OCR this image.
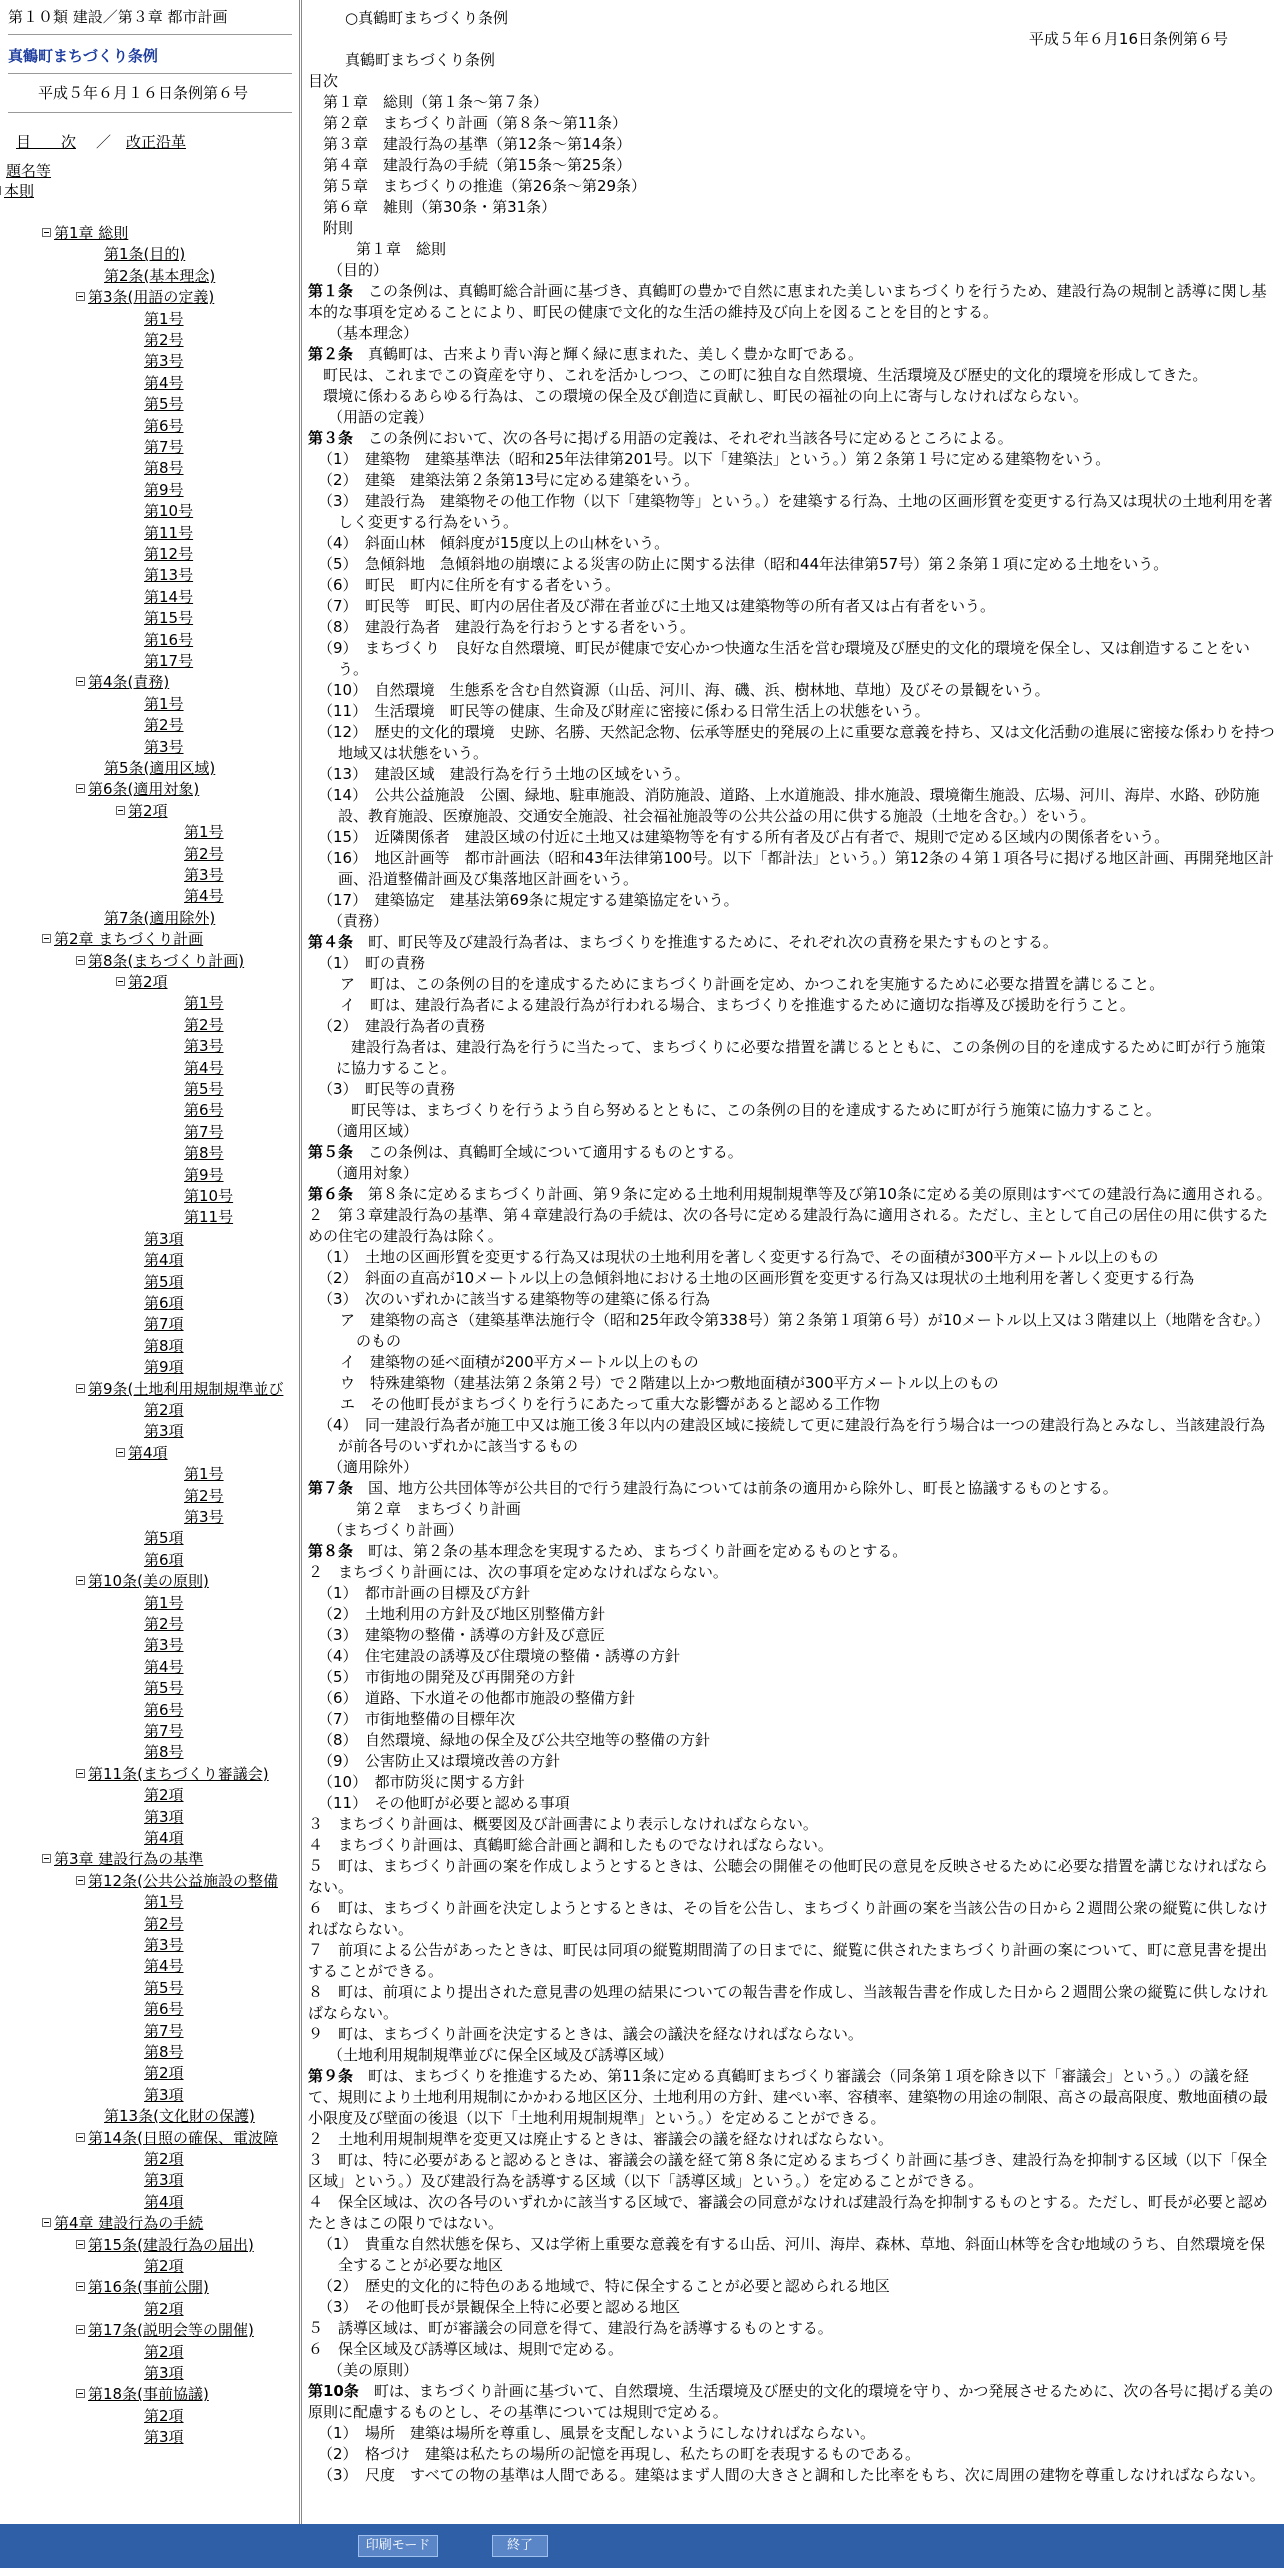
第１０類 建設／第３章 都市計画
真鶴町まちづくり条例
平成５年６月１６日条例第６号
目　　次	／ 改正沿革
題名等
本則
第1章 総則
第1条(目的)
第2条(基本理念)
第3条(用語の定義)
第1号
第2号
第3号
第4号
第5号
第6号
第7号
第8号
第9号
第10号
第11号
第12号
第13号
第14号
第15号
第16号
第17号
第4条(責務)
第1号
第2号
第3号
第5条(適用区域)
第6条(適用対象)
第2項
第1号
第2号
第3号
第4号
第7条(適用除外)
第2章 まちづくり計画
第8条(まちづくり計画)
第2項
第1号
第2号
第3号
第4号
第5号
第6号
第7号
第8号
第9号
第10号
第11号
第3項
第4項
第5項
第6項
第7項
第8項
第9項
第9条(土地利用規制規準並び
第2項
第3項
第4項
第1号
第2号
第3号
第5項
第6項
第10条(美の原則)
第1号
第2号
第3号
第4号
第5号
第6号
第7号
第8号
第11条(まちづくり審議会)
第2項
第3項
第4項
第3章 建設行為の基準
第12条(公共公益施設の整備
第1号
第2号
第3号
第4号
第5号
第6号
第7号
第8号
第2項
第3項
第13条(文化財の保護)
第14条(日照の確保、電波障
第2項
第3項
第4項
第4章 建設行為の手続
第15条(建設行為の届出)
第2項
第16条(事前公開)
第2項
第17条(説明会等の開催)
第2項
第3項
第18条(事前協議)
第2項
第3項
　○真鶴町まちづくり条例
平成５年６月16日条例第６号
　真鶴町まちづくり条例
目次
　第１章　総則（第１条～第７条）
　第２章　まちづくり計画（第８条～第11条）
　第３章　建設行為の基準（第12条～第14条）
　第４章　建設行為の手続（第15条～第25条）
　第５章　まちづくりの推進（第26条～第29条）
　第６章　雑則（第30条・第31条）
　附則
第１章　総則
（目的）
第１条　この条例は、真鶴町総合計画に基づき、真鶴町の豊かで自然に恵まれた美しいまちづくりを行うため、建設行為の規制と誘導に関し基本的な事項を定めることにより、町民の健康で文化的な生活の維持及び向上を図ることを目的とする。
（基本理念）
第２条　真鶴町は、古来より青い海と輝く緑に恵まれた、美しく豊かな町である。
　町民は、これまでこの資産を守り、これを活かしつつ、この町に独自な自然環境、生活環境及び歴史的文化的環境を形成してきた。
　環境に係わるあらゆる行為は、この環境の保全及び創造に貢献し、町民の福祉の向上に寄与しなければならない。
（用語の定義）
第３条　この条例において、次の各号に掲げる用語の定義は、それぞれ当該各号に定めるところによる。
（1）　建築物　建築基準法（昭和25年法律第201号。以下「建築法」という。）第２条第１号に定める建築物をいう。
（2）　建築　建築法第２条第13号に定める建築をいう。
（3）　建設行為　建築物その他工作物（以下「建築物等」という。）を建築する行為、土地の区画形質を変更する行為又は現状の土地利用を著しく変更する行為をいう。
（4）　斜面山林　傾斜度が15度以上の山林をいう。
（5）　急傾斜地　急傾斜地の崩壊による災害の防止に関する法律（昭和44年法律第57号）第２条第１項に定める土地をいう。
（6）　町民　町内に住所を有する者をいう。
（7）　町民等　町民、町内の居住者及び滞在者並びに土地又は建築物等の所有者又は占有者をいう。
（8）　建設行為者　建設行為を行おうとする者をいう。
（9）　まちづくり　良好な自然環境、町民が健康で安心かつ快適な生活を営む環境及び歴史的文化的環境を保全し、又は創造することをいう。
（10）　自然環境　生態系を含む自然資源（山岳、河川、海、磯、浜、樹林地、草地）及びその景観をいう。
（11）　生活環境　町民等の健康、生命及び財産に密接に係わる日常生活上の状態をいう。
（12）　歴史的文化的環境　史跡、名勝、天然記念物、伝承等歴史的発展の上に重要な意義を持ち、又は文化活動の進展に密接な係わりを持つ地域又は状態をいう。
（13）　建設区域　建設行為を行う土地の区域をいう。
（14）　公共公益施設　公園、緑地、駐車施設、消防施設、道路、上水道施設、排水施設、環境衛生施設、広場、河川、海岸、水路、砂防施設、教育施設、医療施設、交通安全施設、社会福祉施設等の公共公益の用に供する施設（土地を含む。）をいう。
（15）　近隣関係者　建設区域の付近に土地又は建築物等を有する所有者及び占有者で、規則で定める区域内の関係者をいう。
（16）　地区計画等　都市計画法（昭和43年法律第100号。以下「都計法」という。）第12条の４第１項各号に掲げる地区計画、再開発地区計画、沿道整備計画及び集落地区計画をいう。
（17）　建築協定　建基法第69条に規定する建築協定をいう。
（責務）
第４条　町、町民等及び建設行為者は、まちづくりを推進するために、それぞれ次の責務を果たすものとする。
（1）　町の責務
ア　町は、この条例の目的を達成するためにまちづくり計画を定め、かつこれを実施するために必要な措置を講じること。
イ　町は、建設行為者による建設行為が行われる場合、まちづくりを推進するために適切な指導及び援助を行うこと。
（2）　建設行為者の責務
　建設行為者は、建設行為を行うに当たって、まちづくりに必要な措置を講じるとともに、この条例の目的を達成するために町が行う施策に協力すること。
（3）　町民等の責務
　町民等は、まちづくりを行うよう自ら努めるとともに、この条例の目的を達成するために町が行う施策に協力すること。
（適用区域）
第５条　この条例は、真鶴町全域について適用するものとする。
（適用対象）
第６条　第８条に定めるまちづくり計画、第９条に定める土地利用規制規準等及び第10条に定める美の原則はすべての建設行為に適用される。
２　第３章建設行為の基準、第４章建設行為の手続は、次の各号に定める建設行為に適用される。ただし、主として自己の居住の用に供するための住宅の建設行為は除く。
（1）　土地の区画形質を変更する行為又は現状の土地利用を著しく変更する行為で、その面積が300平方メートル以上のもの
（2）　斜面の直高が10メートル以上の急傾斜地における土地の区画形質を変更する行為又は現状の土地利用を著しく変更する行為
（3）　次のいずれかに該当する建築物等の建築に係る行為
ア　建築物の高さ（建築基準法施行令（昭和25年政令第338号）第２条第１項第６号）が10メートル以上又は３階建以上（地階を含む。）のもの
イ　建築物の延べ面積が200平方メートル以上のもの
ウ　特殊建築物（建基法第２条第２号）で２階建以上かつ敷地面積が300平方メートル以上のもの
エ　その他町長がまちづくりを行うにあたって重大な影響があると認める工作物
（4）　同一建設行為者が施工中又は施工後３年以内の建設区域に接続して更に建設行為を行う場合は一つの建設行為とみなし、当該建設行為が前各号のいずれかに該当するもの
（適用除外）
第７条　国、地方公共団体等が公共目的で行う建設行為については前条の適用から除外し、町長と協議するものとする。
第２章　まちづくり計画
（まちづくり計画）
第８条　町は、第２条の基本理念を実現するため、まちづくり計画を定めるものとする。
２　まちづくり計画には、次の事項を定めなければならない。
（1）　都市計画の目標及び方針
（2）　土地利用の方針及び地区別整備方針
（3）　建築物の整備・誘導の方針及び意匠
（4）　住宅建設の誘導及び住環境の整備・誘導の方針
（5）　市街地の開発及び再開発の方針
（6）　道路、下水道その他都市施設の整備方針
（7）　市街地整備の目標年次
（8）　自然環境、緑地の保全及び公共空地等の整備の方針
（9）　公害防止又は環境改善の方針
（10）　都市防災に関する方針
（11）　その他町が必要と認める事項
３　まちづくり計画は、概要図及び計画書により表示しなければならない。
４　まちづくり計画は、真鶴町総合計画と調和したものでなければならない。
５　町は、まちづくり計画の案を作成しようとするときは、公聴会の開催その他町民の意見を反映させるために必要な措置を講じなければならない。
６　町は、まちづくり計画を決定しようとするときは、その旨を公告し、まちづくり計画の案を当該公告の日から２週間公衆の縦覧に供しなければならない。
７　前項による公告があったときは、町民は同項の縦覧期間満了の日までに、縦覧に供されたまちづくり計画の案について、町に意見書を提出することができる。
８　町は、前項により提出された意見書の処理の結果についての報告書を作成し、当該報告書を作成した日から２週間公衆の縦覧に供しなければならない。
９　町は、まちづくり計画を決定するときは、議会の議決を経なければならない。
（土地利用規制規準並びに保全区域及び誘導区域）
第９条　町は、まちづくりを推進するため、第11条に定める真鶴町まちづくり審議会（同条第１項を除き以下「審議会」という。）の議を経て、規則により土地利用規制にかかわる地区区分、土地利用の方針、建ぺい率、容積率、建築物の用途の制限、高さの最高限度、敷地面積の最小限度及び壁面の後退（以下「土地利用規制規準」という。）を定めることができる。
２　土地利用規制規準を変更又は廃止するときは、審議会の議を経なければならない。
３　町は、特に必要があると認めるときは、審議会の議を経て第８条に定めるまちづくり計画に基づき、建設行為を抑制する区域（以下「保全区域」という。）及び建設行為を誘導する区域（以下「誘導区域」という。）を定めることができる。
４　保全区域は、次の各号のいずれかに該当する区域で、審議会の同意がなければ建設行為を抑制するものとする。ただし、町長が必要と認めたときはこの限りではない。
（1）　貴重な自然状態を保ち、又は学術上重要な意義を有する山岳、河川、海岸、森林、草地、斜面山林等を含む地域のうち、自然環境を保全することが必要な地区
（2）　歴史的文化的に特色のある地域で、特に保全することが必要と認められる地区
（3）　その他町長が景観保全上特に必要と認める地区
５　誘導区域は、町が審議会の同意を得て、建設行為を誘導するものとする。
６　保全区域及び誘導区域は、規則で定める。
（美の原則）
第10条　町は、まちづくり計画に基づいて、自然環境、生活環境及び歴史的文化的環境を守り、かつ発展させるために、次の各号に掲げる美の原則に配慮するものとし、その基準については規則で定める。
（1）　場所　建築は場所を尊重し、風景を支配しないようにしなければならない。
（2）　格づけ　建築は私たちの場所の記憶を再現し、私たちの町を表現するものである。
（3）　尺度　すべての物の基準は人間である。建築はまず人間の大きさと調和した比率をもち、次に周囲の建物を尊重しなければならない。
印刷モード	終了
